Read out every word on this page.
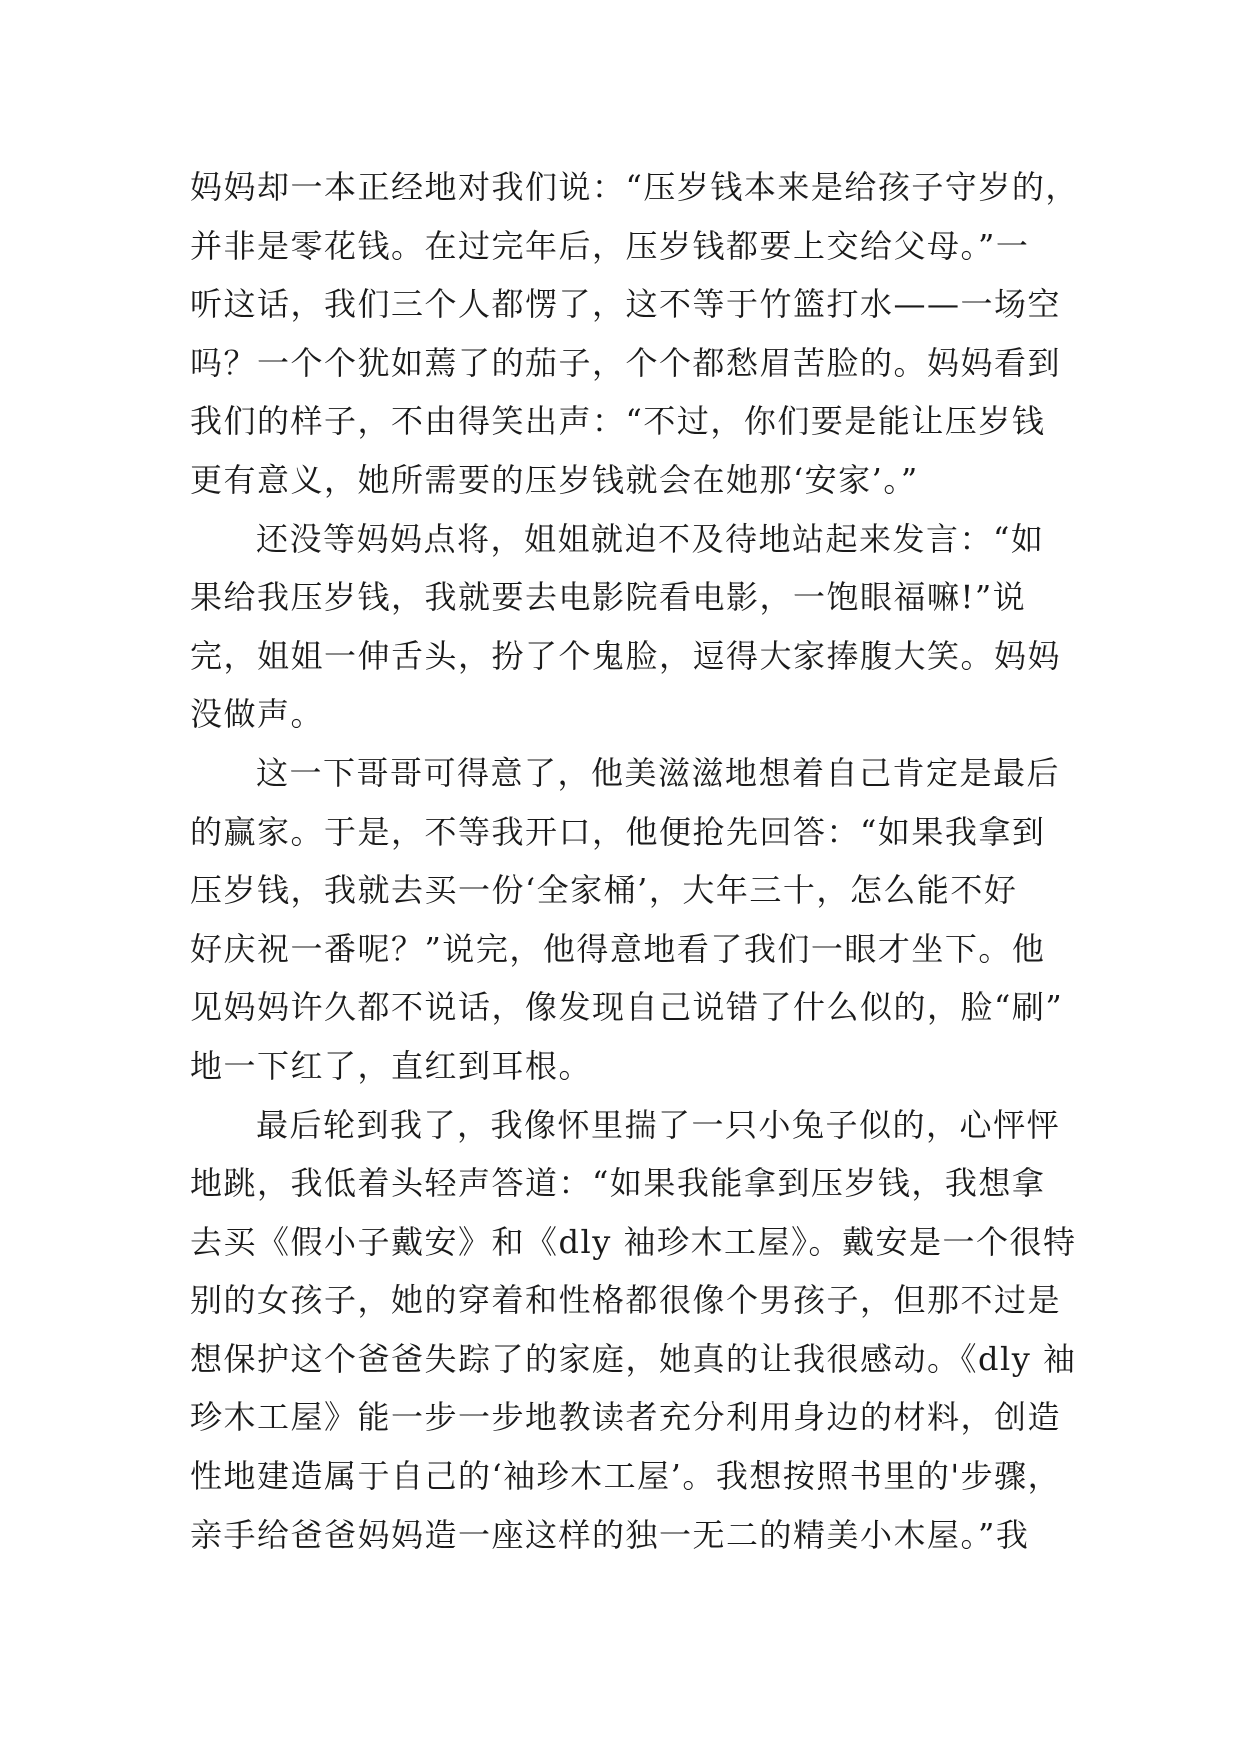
妈妈却一本正经地对我们说：“压岁钱本来是给孩子守岁的，
并非是零花钱。在过完年后，压岁钱都要上交给父母。”一
听这话，我们三个人都愣了，这不等于竹篮打水——一场空
吗？一个个犹如蔫了的茄子，个个都愁眉苦脸的。妈妈看到
我们的样子，不由得笑出声：“不过，你们要是能让压岁钱
更有意义，她所需要的压岁钱就会在她那‘安家’。”
还没等妈妈点将，姐姐就迫不及待地站起来发言：“如
果给我压岁钱，我就要去电影院看电影，一饱眼福嘛!”说
完，姐姐一伸舌头，扮了个鬼脸，逗得大家捧腹大笑。妈妈
没做声。
这一下哥哥可得意了，他美滋滋地想着自己肯定是最后
的赢家。于是，不等我开口，他便抢先回答：“如果我拿到
压岁钱，我就去买一份‘全家桶’，大年三十，怎么能不好
好庆祝一番呢？”说完，他得意地看了我们一眼才坐下。他
见妈妈许久都不说话，像发现自己说错了什么似的，脸“刷”
地一下红了，直红到耳根。
最后轮到我了，我像怀里揣了一只小兔子似的，心怦怦
地跳，我低着头轻声答道：“如果我能拿到压岁钱，我想拿
去买《假小子戴安》和《dly 袖珍木工屋》。戴安是一个很特
别的女孩子，她的穿着和性格都很像个男孩子，但那不过是
想保护这个爸爸失踪了的家庭，她真的让我很感动。《dly 袖
珍木工屋》能一步一步地教读者充分利用身边的材料，创造
性地建造属于自己的‘袖珍木工屋’。我想按照书里的'步骤，
亲手给爸爸妈妈造一座这样的独一无二的精美小木屋。”我
